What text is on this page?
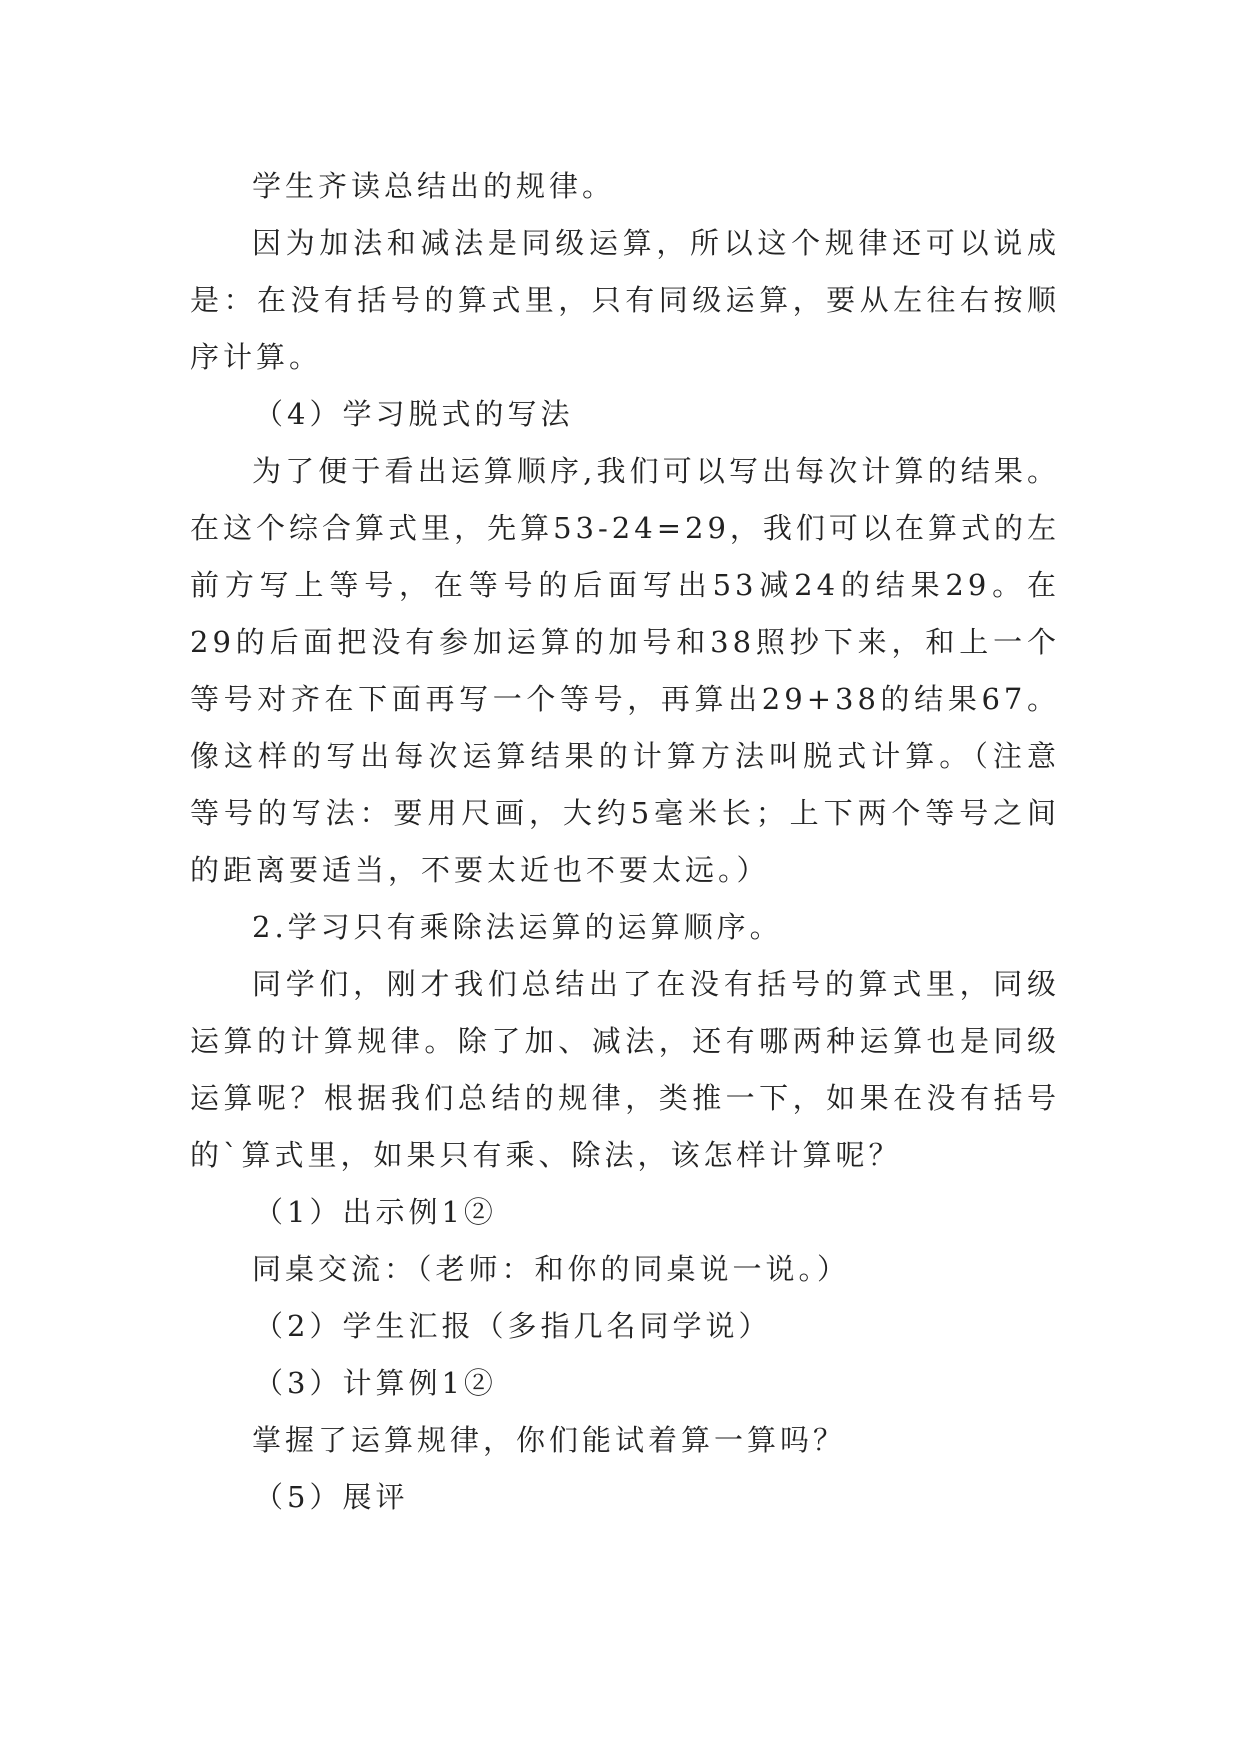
学生齐读总结出的规律。

因为加法和减法是同级运算，所以这个规律还可以说成是：在没有括号的算式里，只有同级运算，要从左往右按顺序计算。

（4）学习脱式的写法

为了便于看出运算顺序,我们可以写出每次计算的结果。在这个综合算式里，先算53-24=29，我们可以在算式的左前方写上等号，在等号的后面写出53减24的结果29。在29的后面把没有参加运算的加号和38照抄下来，和上一个等号对齐在下面再写一个等号，再算出29+38的结果67。像这样的写出每次运算结果的计算方法叫脱式计算。（注意等号的写法：要用尺画，大约5毫米长；上下两个等号之间的距离要适当，不要太近也不要太远。）

2.学习只有乘除法运算的运算顺序。

同学们，刚才我们总结出了在没有括号的算式里，同级运算的计算规律。除了加、减法，还有哪两种运算也是同级运算呢？根据我们总结的规律，类推一下，如果在没有括号的`算式里，如果只有乘、除法，该怎样计算呢？

（1）出示例1②

同桌交流：（老师：和你的同桌说一说。）

（2）学生汇报（多指几名同学说）

（3）计算例1②

掌握了运算规律，你们能试着算一算吗？

（5）展评
